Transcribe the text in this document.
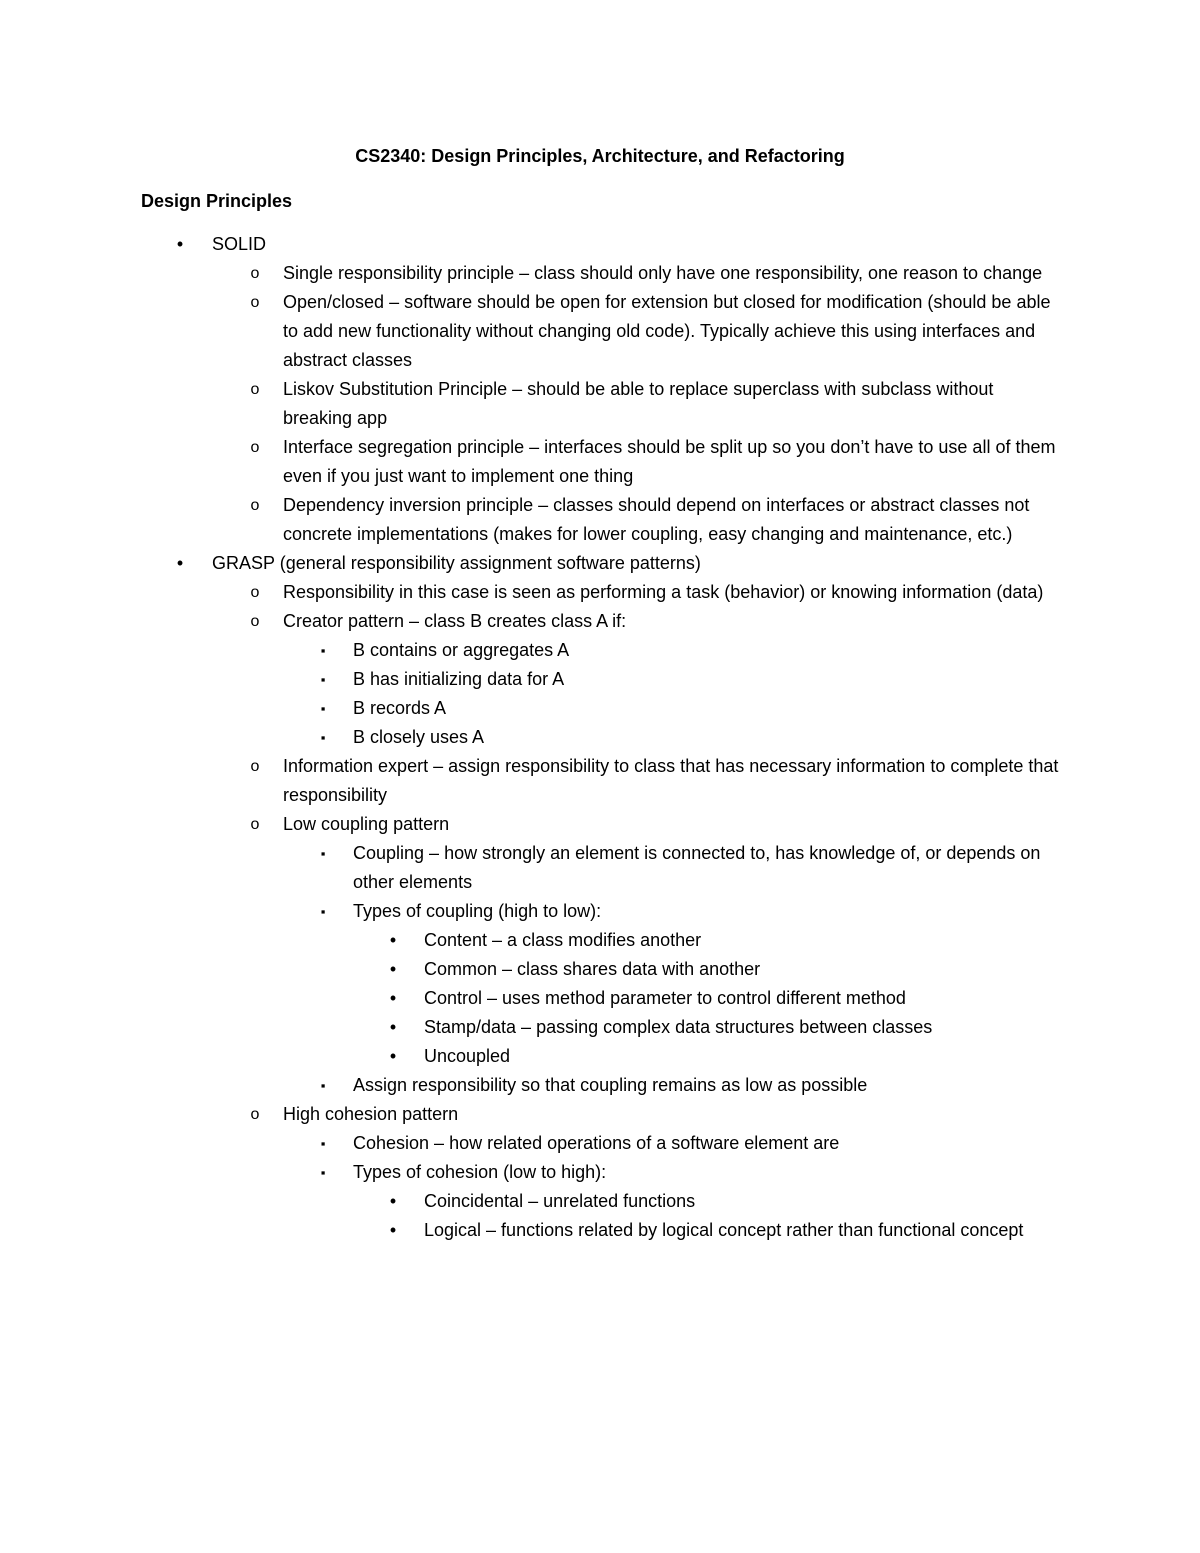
CS2340: Design Principles, Architecture, and Refactoring
Design Principles
•	SOLID
o	Single responsibility principle – class should only have one responsibility, one reason to change
o	Open/closed – software should be open for extension but closed for modification (should be able to add new functionality without changing old code). Typically achieve this using interfaces and abstract classes
o	Liskov Substitution Principle – should be able to replace superclass with subclass without breaking app
o	Interface segregation principle – interfaces should be split up so you don’t have to use all of them even if you just want to implement one thing
o	Dependency inversion principle – classes should depend on interfaces or abstract classes not concrete implementations (makes for lower coupling, easy changing and maintenance, etc.)
•	GRASP (general responsibility assignment software patterns)
o	Responsibility in this case is seen as performing a task (behavior) or knowing information (data)
o	Creator pattern – class B creates class A if:
▪	B contains or aggregates A
▪	B has initializing data for A
▪	B records A
▪	B closely uses A
o	Information expert – assign responsibility to class that has necessary information to complete that responsibility
o	Low coupling pattern
▪	Coupling – how strongly an element is connected to, has knowledge of, or depends on other elements
▪	Types of coupling (high to low):
•	Content – a class modifies another
•	Common – class shares data with another
•	Control – uses method parameter to control different method
•	Stamp/data – passing complex data structures between classes
•	Uncoupled
▪	Assign responsibility so that coupling remains as low as possible
o	High cohesion pattern
▪	Cohesion – how related operations of a software element are
▪	Types of cohesion (low to high):
•	Coincidental – unrelated functions
•	Logical – functions related by logical concept rather than functional concept
